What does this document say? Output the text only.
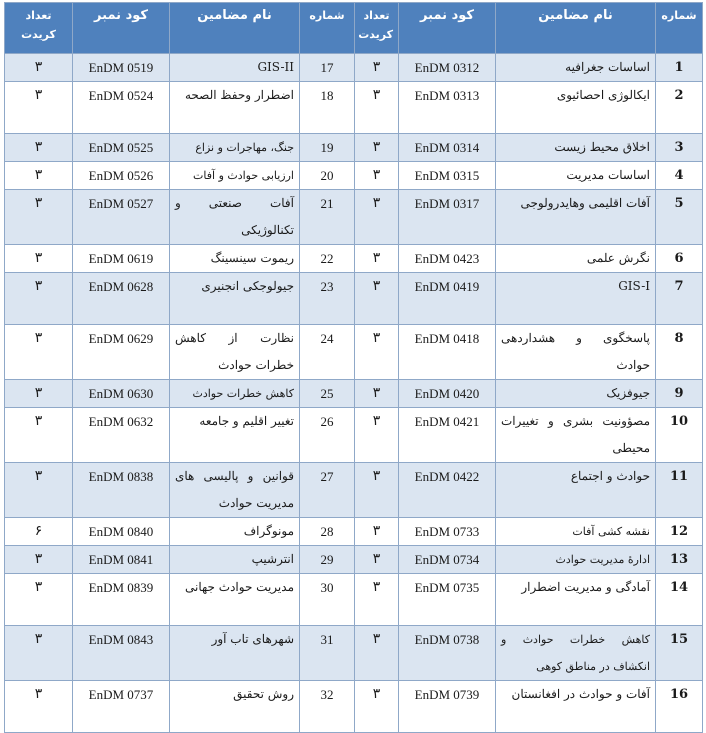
شماره	نام مضامین	کود نمبر	تعداد کریدت	شماره	نام مضامین	کود نمبر	تعداد کریدت
1	اساسات جغرافیه	EnDM 0312	۳	17	GIS-II	EnDM 0519	۳
2	ایکالوژی احصائیوی	EnDM 0313	۳	18	اضطرار وحفظ الصحه	EnDM 0524	۳
3	اخلاق محیط زیست	EnDM 0314	۳	19	جنگ، مهاجرات و نزاع	EnDM 0525	۳
4	اساسات مدیریت	EnDM 0315	۳	20	ارزیابی حوادث و آفات	EnDM 0526	۳
5	آفات اقلیمی وهایدرولوجی	EnDM 0317	۳	21	آفات صنعتی و تکنالوژیکی	EnDM 0527	۳
6	نگرش علمی	EnDM 0423	۳	22	ریموت سینسینگ	EnDM 0619	۳
7	GIS-I	EnDM 0419	۳	23	جیولوجکی انجنیری	EnDM 0628	۳
8	پاسخگوی و هشداردهی حوادث	EnDM 0418	۳	24	نظارت از کاهش خطرات حوادث	EnDM 0629	۳
9	جیوفزیک	EnDM 0420	۳	25	کاهش خطرات حوادث	EnDM 0630	۳
10	مصؤونیت بشری و تغییرات محیطی	EnDM 0421	۳	26	تغییر اقلیم و جامعه	EnDM 0632	۳
11	حوادث و اجتماع	EnDM 0422	۳	27	قوانین و پالیسی های مدیریت حوادث	EnDM 0838	۳
12	نقشه کشی آفات	EnDM 0733	۳	28	مونوگراف	EnDM 0840	۶
13	ادارهٔ مدیریت حوادث	EnDM 0734	۳	29	انترشیپ	EnDM 0841	۳
14	آمادگی و مدیریت اضطرار	EnDM 0735	۳	30	مدیریت حوادث جهانی	EnDM 0839	۳
15	کاهش خطرات حوادث و انکشاف در مناطق کوهی	EnDM 0738	۳	31	شهرهای تاب آور	EnDM 0843	۳
16	آفات و حوادث در افغانستان	EnDM 0739	۳	32	روش تحقیق	EnDM 0737	۳
